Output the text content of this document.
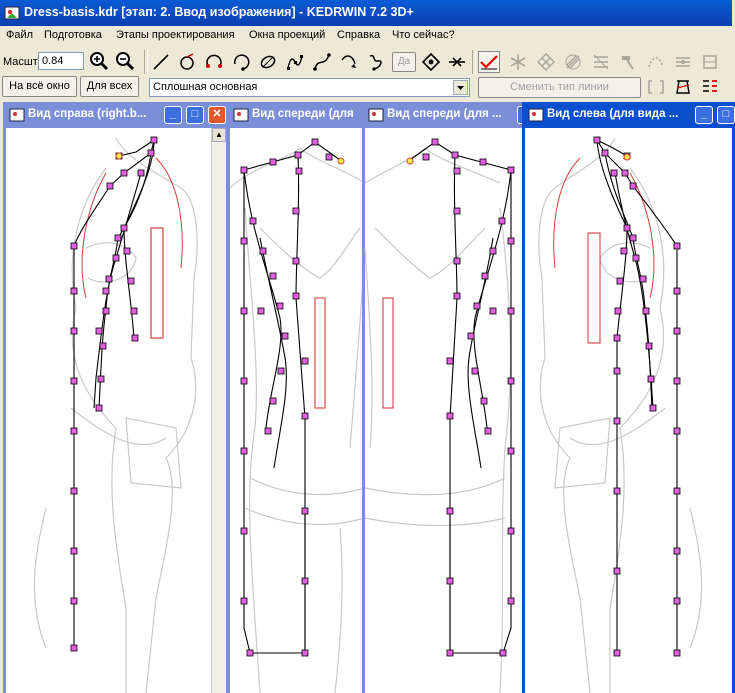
Dress-basis.kdr [этап: 2. Ввод изображения] - KEDRWIN 7.2 3D+
Файл Подготовка Этапы проектирования Окна проекций Справка Что сейчас?
Масшт 0.84
На всё окно	Для всех
Да
Сплошная основная	Сменить тип линии
Вид справа (right.b...	_	□	✕
▲
Вид спереди (для	Вид спереди (для ...	Вид слева (для вида ...	_	□
